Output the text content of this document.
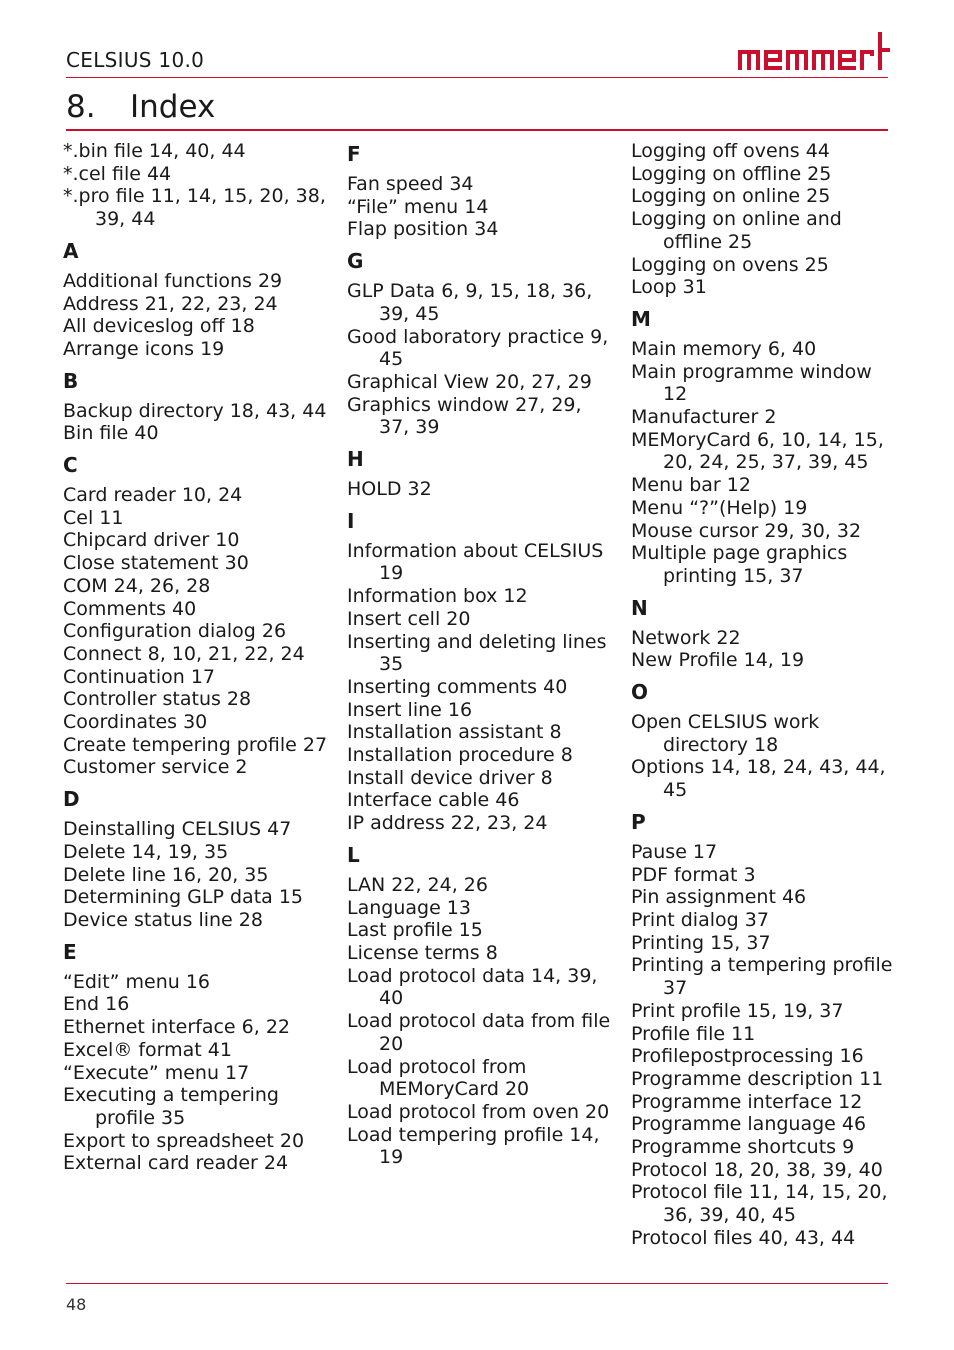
CELSIUS 10.0
8. Index
*.bin file 14, 40, 44
*.cel file 44
*.pro file 11, 14, 15, 20, 38, 39, 44
A
Additional functions 29
Address 21, 22, 23, 24
All deviceslog off 18
Arrange icons 19
B
Backup directory 18, 43, 44
Bin file 40
C
Card reader 10, 24
Cel 11
Chipcard driver 10
Close statement 30
COM 24, 26, 28
Comments 40
Configuration dialog 26
Connect 8, 10, 21, 22, 24
Continuation 17
Controller status 28
Coordinates 30
Create tempering profile 27
Customer service 2
D
Deinstalling CELSIUS 47
Delete 14, 19, 35
Delete line 16, 20, 35
Determining GLP data 15
Device status line 28
E
“Edit” menu 16
End 16
Ethernet interface 6, 22
Excel® format 41
“Execute” menu 17
Executing a tempering profile 35
Export to spreadsheet 20
External card reader 24
F
Fan speed 34
“File” menu 14
Flap position 34
G
GLP Data 6, 9, 15, 18, 36, 39, 45
Good laboratory practice 9, 45
Graphical View 20, 27, 29
Graphics window 27, 29, 37, 39
H
HOLD 32
I
Information about CELSIUS 19
Information box 12
Insert cell 20
Inserting and deleting lines 35
Inserting comments 40
Insert line 16
Installation assistant 8
Installation procedure 8
Install device driver 8
Interface cable 46
IP address 22, 23, 24
L
LAN 22, 24, 26
Language 13
Last profile 15
License terms 8
Load protocol data 14, 39, 40
Load protocol data from file 20
Load protocol from MEMoryCard 20
Load protocol from oven 20
Load tempering profile 14, 19
Logging off ovens 44
Logging on offline 25
Logging on online 25
Logging on online and offline 25
Logging on ovens 25
Loop 31
M
Main memory 6, 40
Main programme window 12
Manufacturer 2
MEMoryCard 6, 10, 14, 15, 20, 24, 25, 37, 39, 45
Menu bar 12
Menu “?”(Help) 19
Mouse cursor 29, 30, 32
Multiple page graphics printing 15, 37
N
Network 22
New Profile 14, 19
O
Open CELSIUS work directory 18
Options 14, 18, 24, 43, 44, 45
P
Pause 17
PDF format 3
Pin assignment 46
Print dialog 37
Printing 15, 37
Printing a tempering profile 37
Print profile 15, 19, 37
Profile file 11
Profilepostprocessing 16
Programme description 11
Programme interface 12
Programme language 46
Programme shortcuts 9
Protocol 18, 20, 38, 39, 40
Protocol file 11, 14, 15, 20, 36, 39, 40, 45
Protocol files 40, 43, 44
48
